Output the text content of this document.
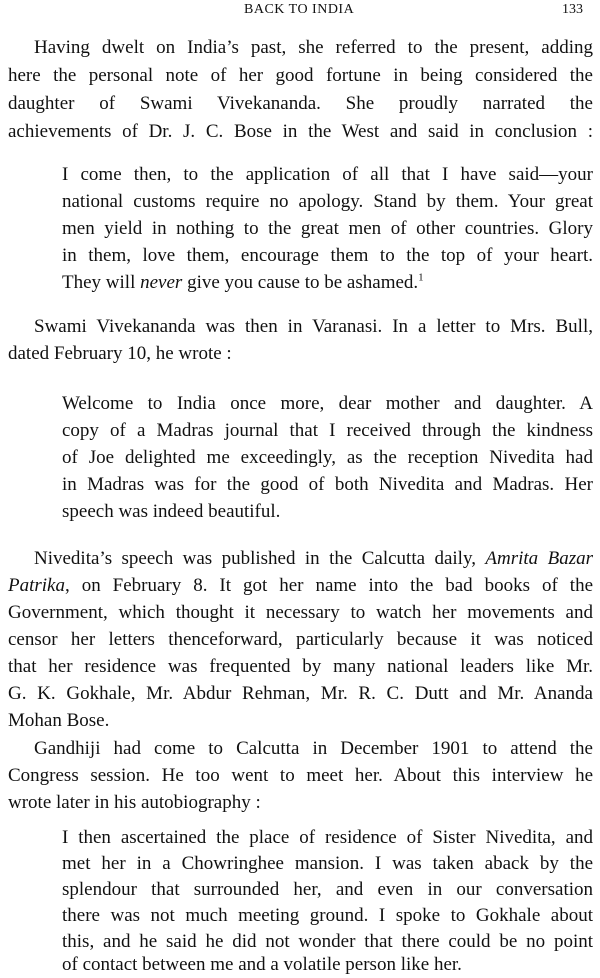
BACK TO INDIA	133
Having dwelt on India’s past, she referred to the present, adding
here the personal note of her good fortune in being considered the
daughter of Swami Vivekananda. She proudly narrated the
achievements of Dr. J. C. Bose in the West and said in conclusion :
I come then, to the application of all that I have said—your
national customs require no apology. Stand by them. Your great
men yield in nothing to the great men of other countries. Glory
in them, love them, encourage them to the top of your heart.
They will never give you cause to be ashamed.$^1$
Swami Vivekananda was then in Varanasi. In a letter to Mrs. Bull,
dated February 10, he wrote :
Welcome to India once more, dear mother and daughter. A
copy of a Madras journal that I received through the kindness
of Joe delighted me exceedingly, as the reception Nivedita had
in Madras was for the good of both Nivedita and Madras. Her
speech was indeed beautiful.
Nivedita’s speech was published in the Calcutta daily, Amrita Bazar
Patrika, on February 8. It got her name into the bad books of the
Government, which thought it necessary to watch her movements and
censor her letters thenceforward, particularly because it was noticed
that her residence was frequented by many national leaders like Mr.
G. K. Gokhale, Mr. Abdur Rehman, Mr. R. C. Dutt and Mr. Ananda
Mohan Bose.
Gandhiji had come to Calcutta in December 1901 to attend the
Congress session. He too went to meet her. About this interview he
wrote later in his autobiography :
I then ascertained the place of residence of Sister Nivedita, and
met her in a Chowringhee mansion. I was taken aback by the
splendour that surrounded her, and even in our conversation
there was not much meeting ground. I spoke to Gokhale about
this, and he said he did not wonder that there could be no point
of contact between me and a volatile person like her.
